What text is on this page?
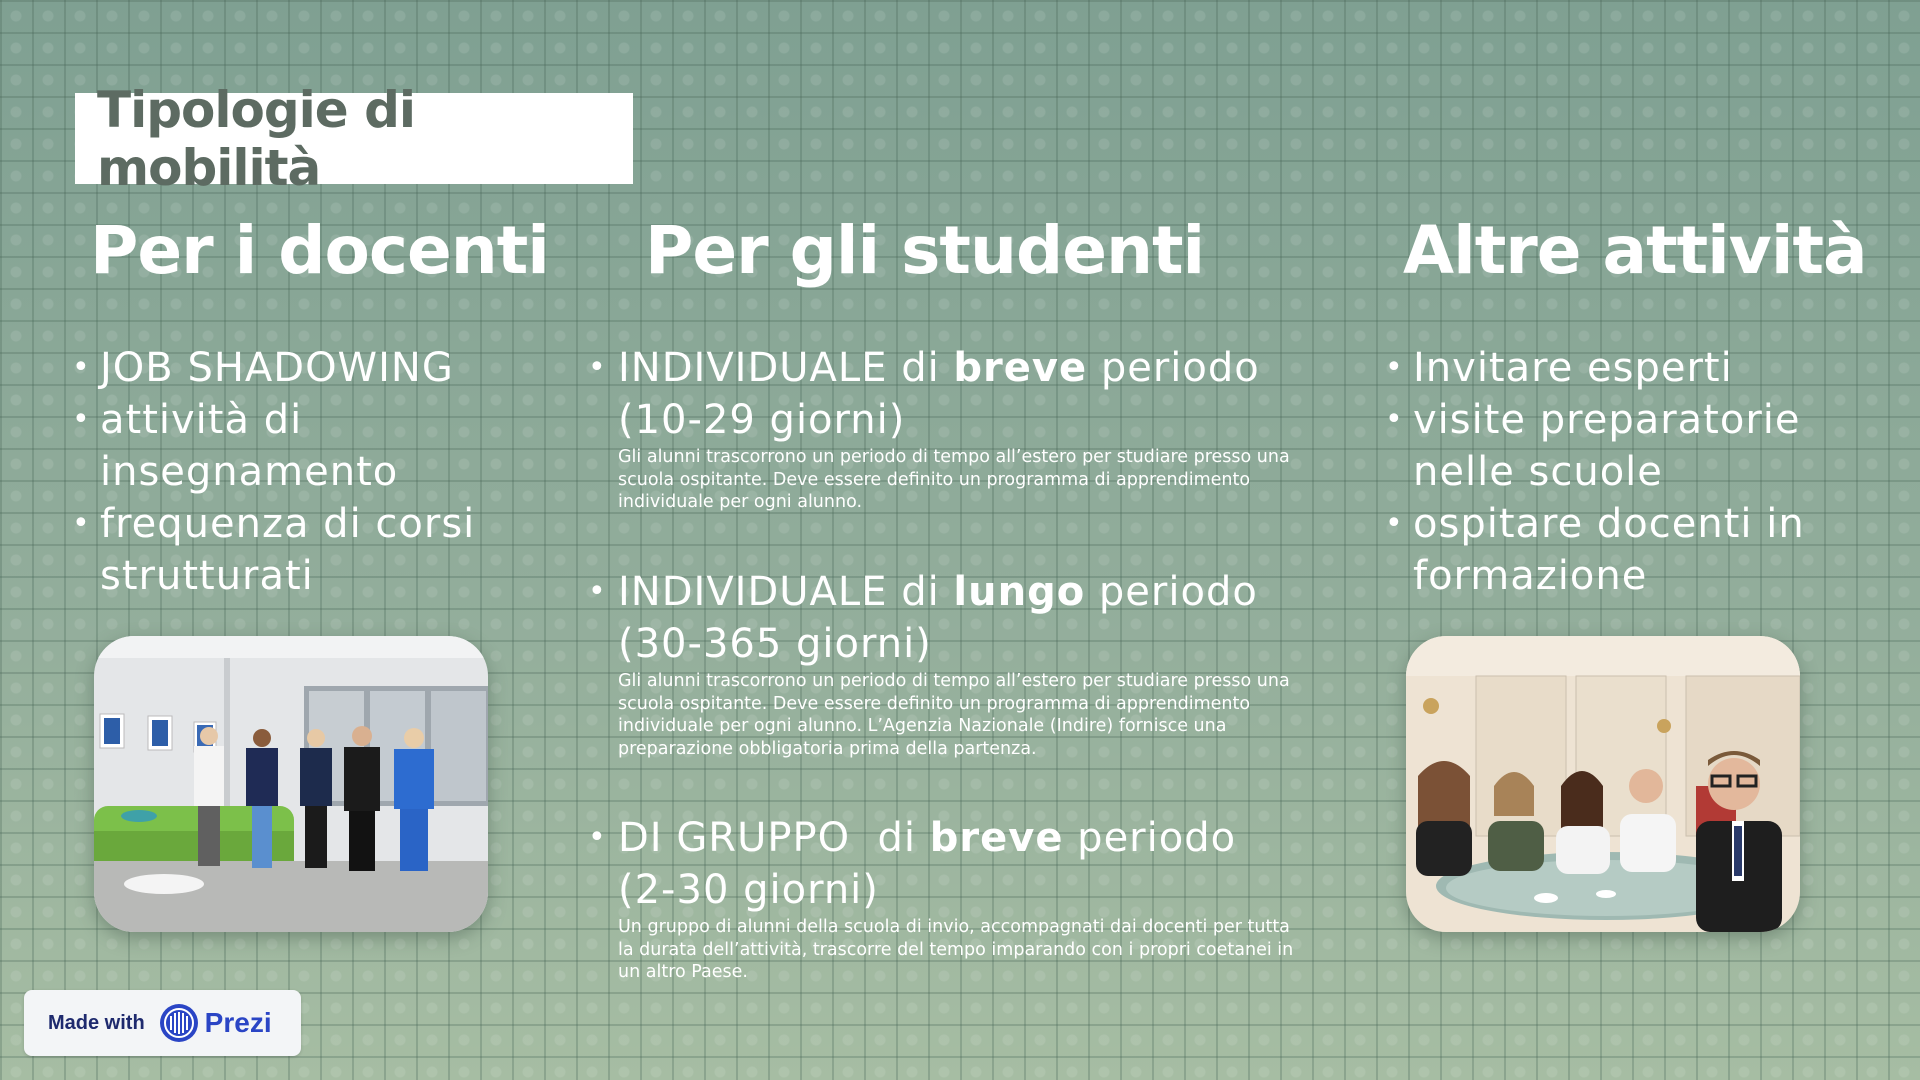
Tipologie di mobilità
Per i docenti Per gli studenti	Altre attività
• JOB SHADOWING
• attività di insegnamento
• frequenza di corsi strutturati
• INDIVIDUALE di breve periodo
(10-29 giorni)
Gli alunni trascorrono un periodo di tempo all’estero per studiare presso una scuola ospitante. Deve essere definito un programma di apprendimento individuale per ogni alunno.
• INDIVIDUALE di lungo periodo
(30-365 giorni)
Gli alunni trascorrono un periodo di tempo all’estero per studiare presso una scuola ospitante. Deve essere definito un programma di apprendimento individuale per ogni alunno. L’Agenzia Nazionale (Indire) fornisce una preparazione obbligatoria prima della partenza.
• DI GRUPPO  di breve periodo
(2-30 giorni)
Un gruppo di alunni della scuola di invio, accompagnati dai docenti per tutta la durata dell’attività, trascorre del tempo imparando con i propri coetanei in un altro Paese.
• Invitare esperti
• visite preparatorie nelle scuole
• ospitare docenti in formazione
Made with Prezi
